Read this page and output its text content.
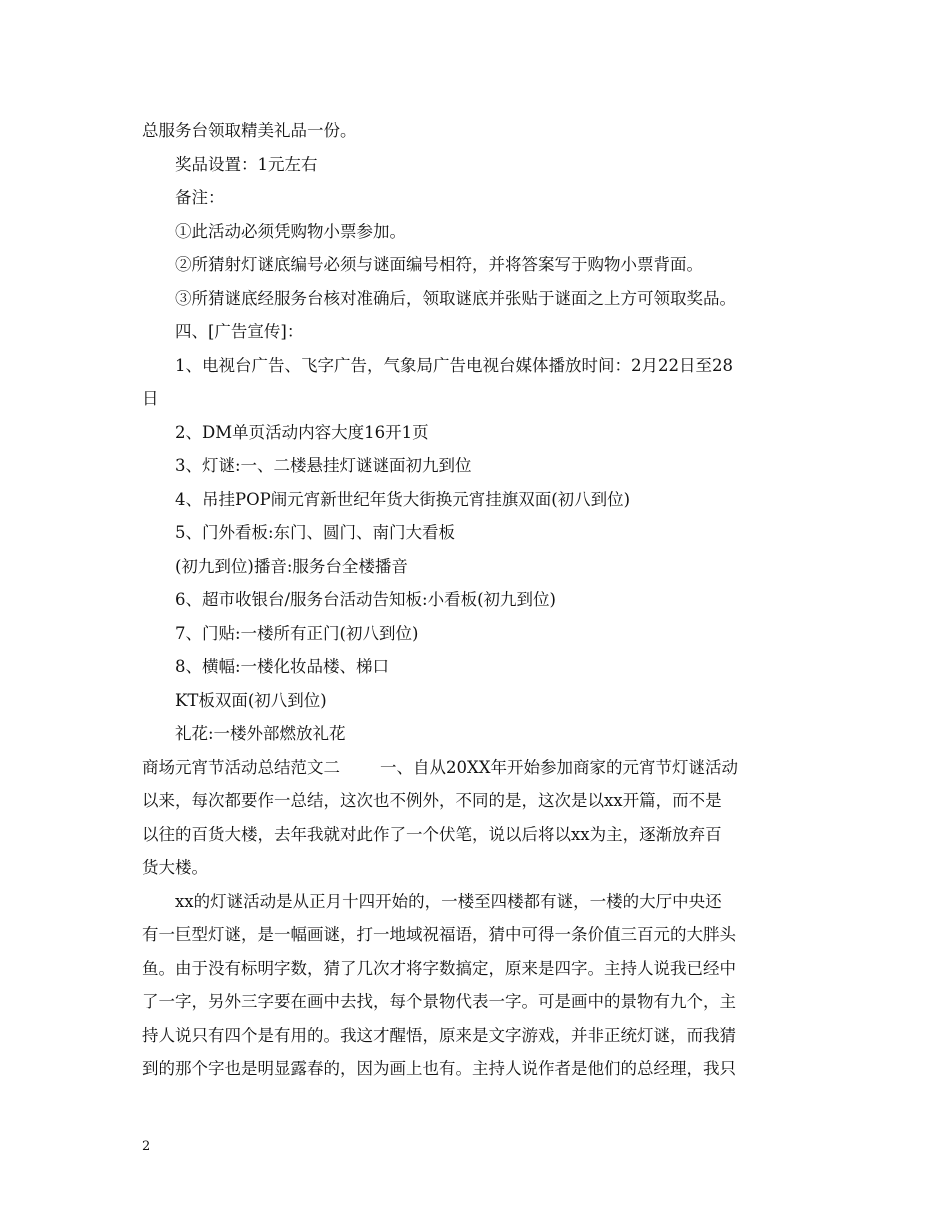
总服务台领取精美礼品一份。
奖品设置：1元左右
备注：
①此活动必须凭购物小票参加。
②所猜射灯谜底编号必须与谜面编号相符，并将答案写于购物小票背面。
③所猜谜底经服务台核对准确后，领取谜底并张贴于谜面之上方可领取奖品。
四、[广告宣传]：
1、电视台广告、飞字广告，气象局广告电视台媒体播放时间：2月22日至28
日
2、DM单页活动内容大度16开1页
3、灯谜:一、二楼悬挂灯谜谜面初九到位
4、吊挂POP闹元宵新世纪年货大街换元宵挂旗双面(初八到位)
5、门外看板:东门、圆门、南门大看板
(初九到位)播音:服务台全楼播音
6、超市收银台/服务台活动告知板:小看板(初九到位)
7、门贴:一楼所有正门(初八到位)
8、横幅:一楼化妆品楼、梯口
KT板双面(初八到位)
礼花:一楼外部燃放礼花
商场元宵节活动总结范文二 一、自从20XX年开始参加商家的元宵节灯谜活动
以来，每次都要作一总结，这次也不例外，不同的是，这次是以xx开篇，而不是
以往的百货大楼，去年我就对此作了一个伏笔，说以后将以xx为主，逐渐放弃百
货大楼。
xx的灯谜活动是从正月十四开始的，一楼至四楼都有谜，一楼的大厅中央还
有一巨型灯谜，是一幅画谜，打一地域祝福语，猜中可得一条价值三百元的大胖头
鱼。由于没有标明字数，猜了几次才将字数搞定，原来是四字。主持人说我已经中
了一字，另外三字要在画中去找，每个景物代表一字。可是画中的景物有九个，主
持人说只有四个是有用的。我这才醒悟，原来是文字游戏，并非正统灯谜，而我猜
到的那个字也是明显露春的，因为画上也有。主持人说作者是他们的总经理，我只
2
